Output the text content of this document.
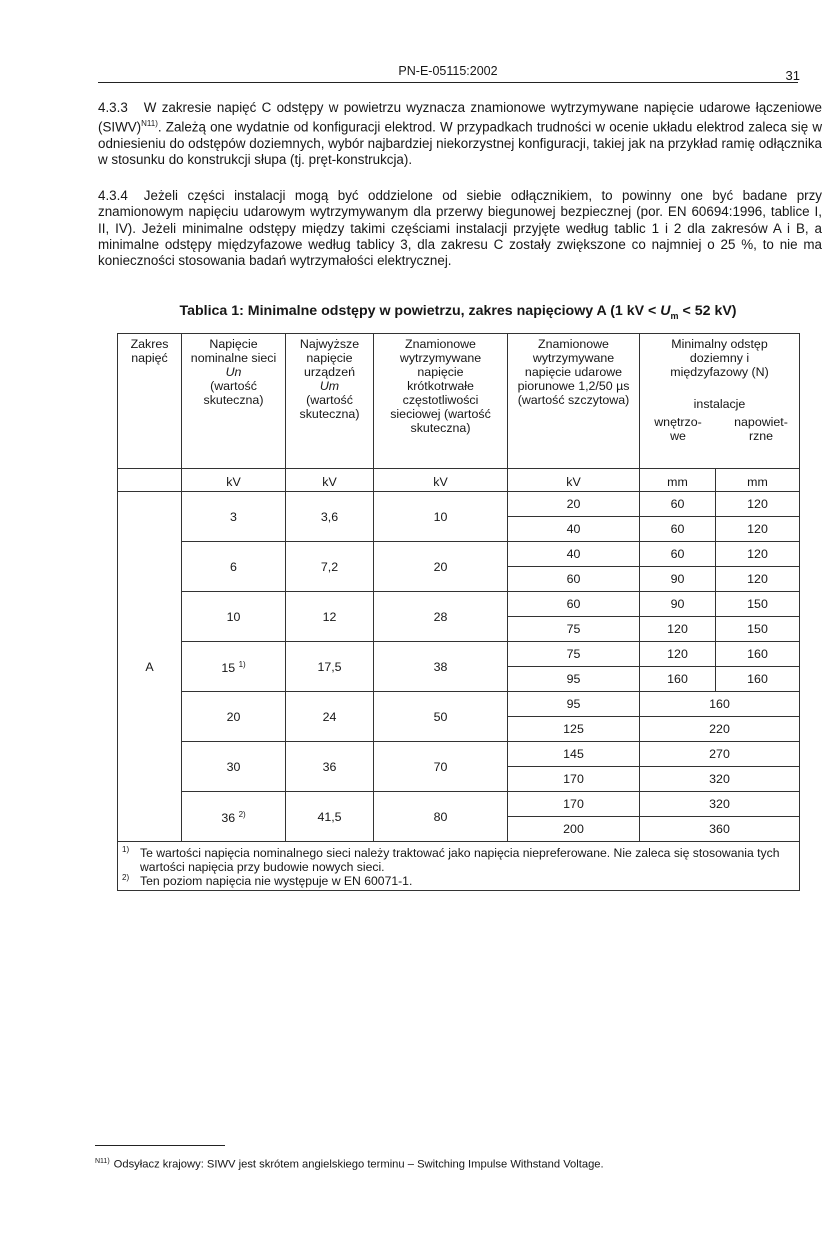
PN-E-05115:2002	31

4.3.3 W zakresie napięć C odstępy w powietrzu wyznacza znamionowe wytrzymywane napięcie udarowe łączeniowe (SIWV)$^{N11)}$. Zależą one wydatnie od konfiguracji elektrod. W przypadkach trudności w ocenie układu elektrod zaleca się w odniesieniu do odstępów doziemnych, wybór najbardziej niekorzystnej konfiguracji, takiej jak na przykład ramię odłącznika w stosunku do konstrukcji słupa (tj. pręt-konstrukcja).

4.3.4 Jeżeli części instalacji mogą być oddzielone od siebie odłącznikiem, to powinny one być badane przy znamionowym napięciu udarowym wytrzymywanym dla przerwy biegunowej bezpiecznej (por. EN 60694:1996, tablice I, II, IV). Jeżeli minimalne odstępy między takimi częściami instalacji przyjęte według tablic 1 i 2 dla zakresów A i B, a minimalne odstępy międzyfazowe według tablicy 3, dla zakresu C zostały zwiększone co najmniej o 25 %, to nie ma konieczności stosowania badań wytrzymałości elektrycznej.

Tablica 1: Minimalne odstępy w powietrzu, zakres napięciowy A (1 kV < $U_m < 52$ kV)
Zakres napięć	Napięcie nominalne sieci
Un
(wartość skuteczna)	Najwyższe napięcie urządzeń
Um
(wartość skuteczna)	Znamionowe wytrzymywane napięcie krótkotrwałe częstotliwości sieciowej (wartość skuteczna)	Znamionowe wytrzymywane napięcie udarowe piorunowe 1,2/50 µs (wartość szczytowa)	Minimalny odstęp doziemny i międzyfazowy (N)
instalacje
wnętrzo-we
napowiet-rzne	

	kV	kV	kV	kV	mm	mm
A	3	3,6	10	20	60	120
				40	60	120
	6	7,2	20	40	60	120
				60	90	120
	10	12	28	60	90	150
				75	120	150
	15 $^{1)}$	17,5	38	75	120	160
				95	160	160
	20	24	50	95	160	
				125	220	
	30	36	70	145	270	
				170	320	
	36 $^{2)}$	41,5	80	170	320	
				200	360	

1) Te wartości napięcia nominalnego sieci należy traktować jako napięcia niepreferowane. Nie zaleca się stosowania tych wartości napięcia przy budowie nowych sieci.
2) Ten poziom napięcia nie występuje w EN 60071-1.						
$^{N11)}$ Odsyłacz krajowy: SIWV jest skrótem angielskiego terminu – Switching Impulse Withstand Voltage.
